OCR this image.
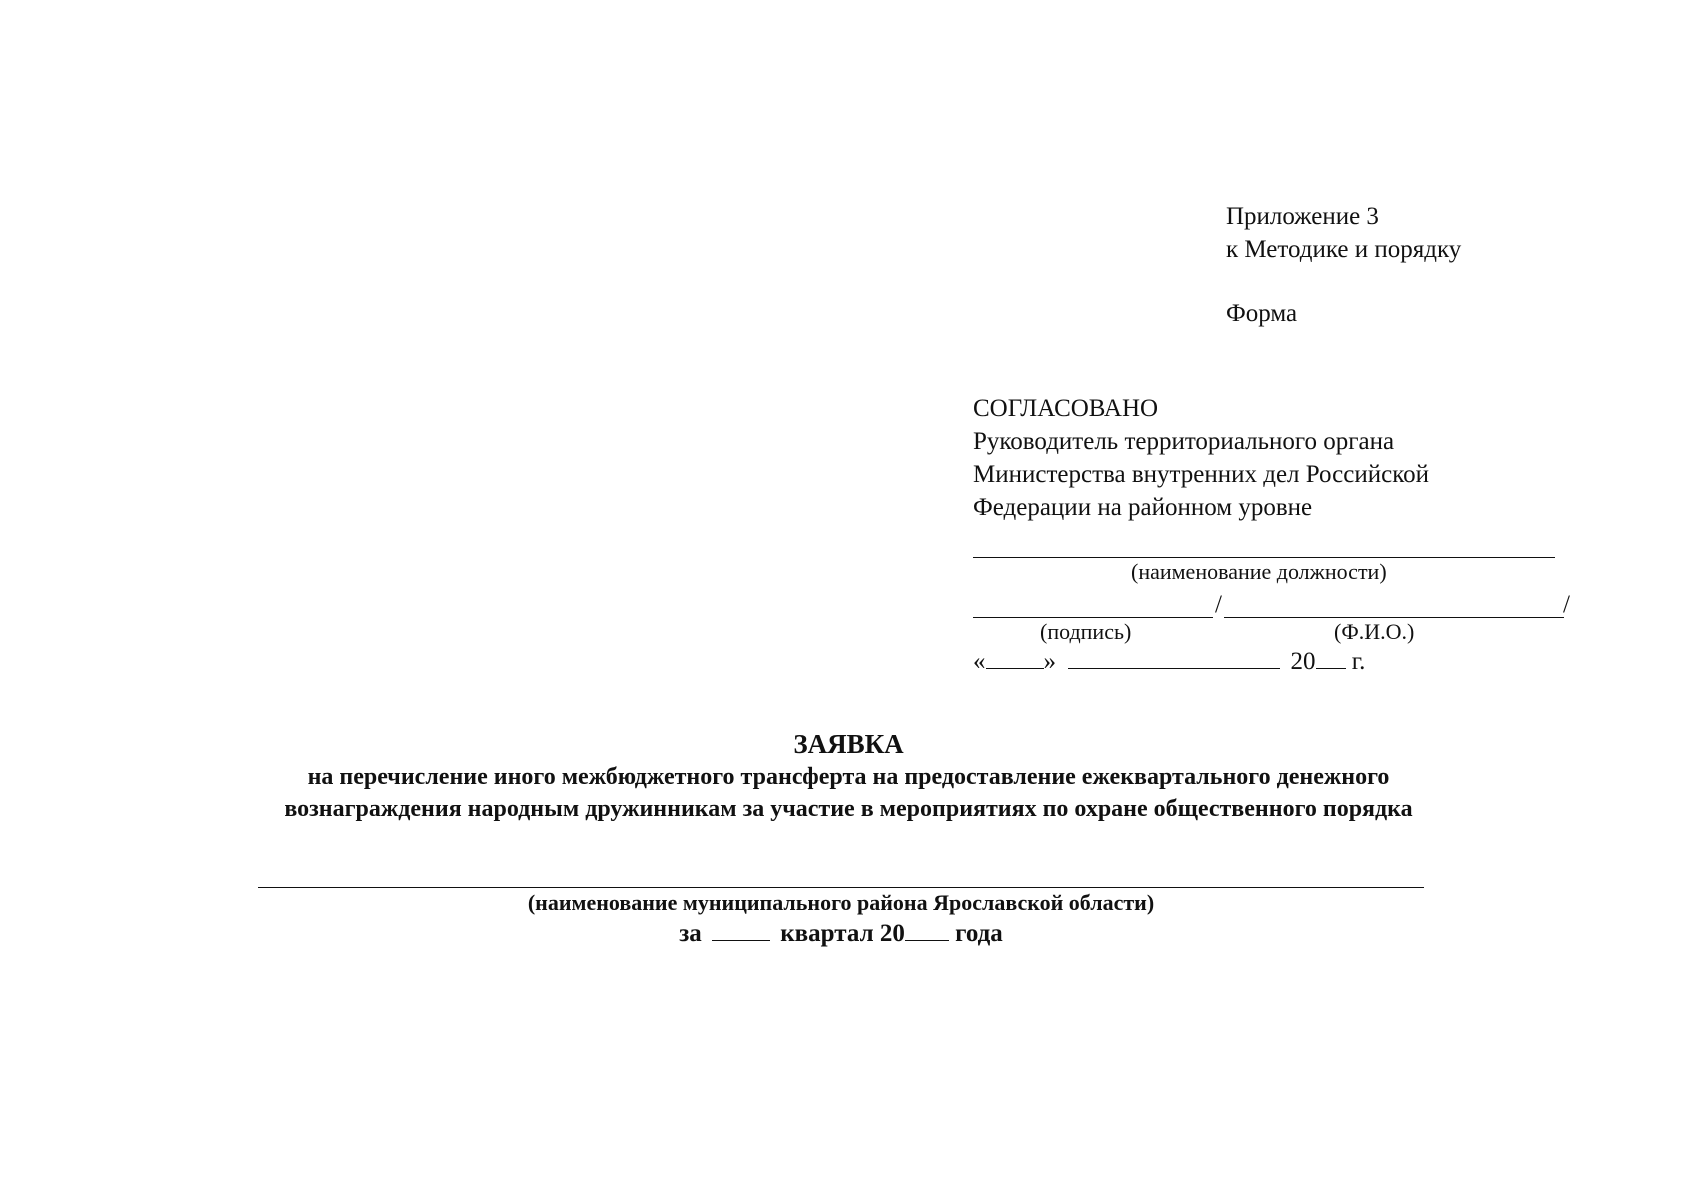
Приложение 3
к Методике и порядку
Форма
СОГЛАСОВАНО
Руководитель территориального органа
Министерства внутренних дел Российской
Федерации на районном уровне
(наименование должности)
/	/
(подпись)	(Ф.И.О.)
« »	20 г.
ЗАЯВКА
на перечисление иного межбюджетного трансферта на предоставление ежеквартального денежного
вознаграждения народным дружинникам за участие в мероприятиях по охране общественного порядка
(наименование муниципального района Ярославской области)
за	квартал 20 года
